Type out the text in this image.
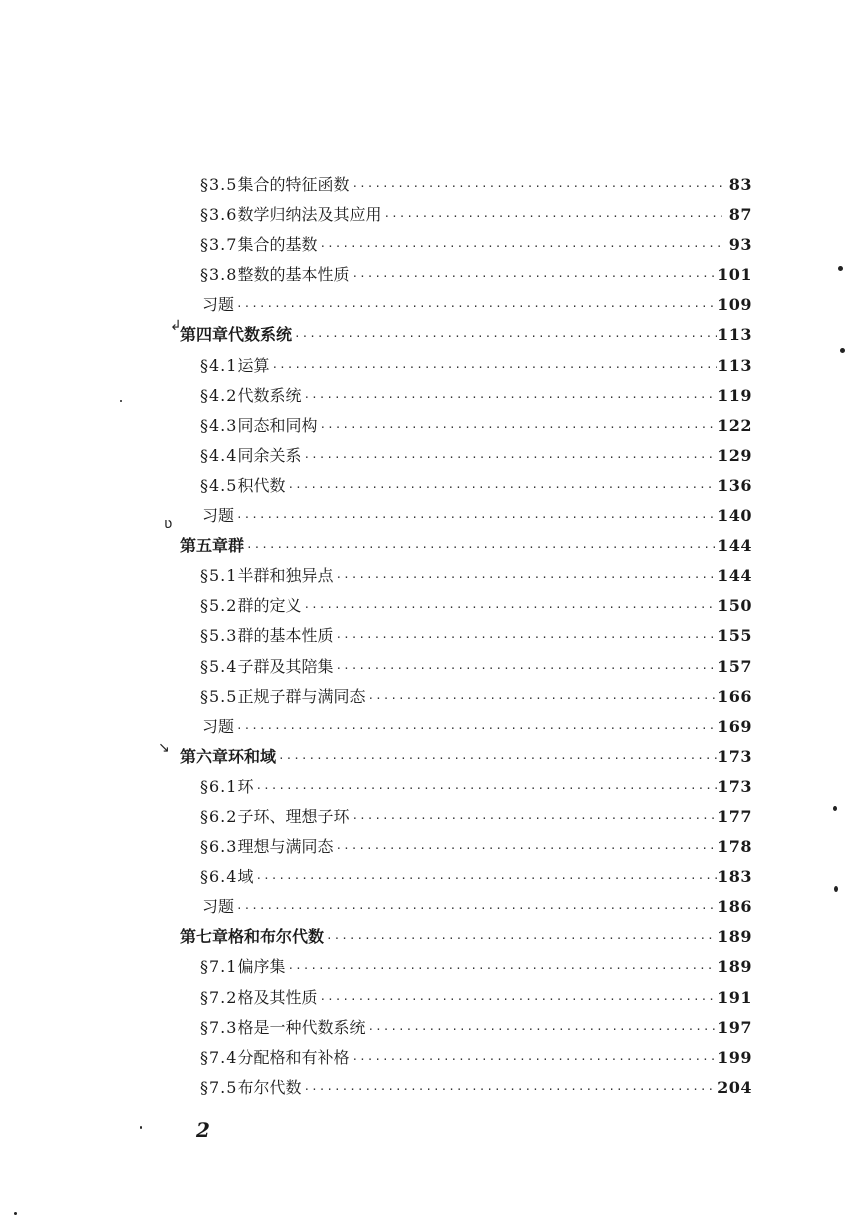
§3.5 集合的特征函数 ·····	83
§3.6 数学归纳法及其应用 ·····	87
§3.7 集合的基数 ·····	93
§3.8 整数的基本性质 ·····	101
习题 ·····	109
第四章 代数系统 ·····	113
§4.1 运算 ·····	113
§4.2 代数系统 ·····	119
§4.3 同态和同构 ·····	122
§4.4 同余关系 ·····	129
§4.5 积代数 ·····	136
习题 ·····	140
第五章 群 ·····	144
§5.1 半群和独异点 ·····	144
§5.2 群的定义 ·····	150
§5.3 群的基本性质 ·····	155
§5.4 子群及其陪集 ·····	157
§5.5 正规子群与满同态 ·····	166
习题 ·····	169
第六章 环和域 ·····	173
§6.1 环 ·····	173
§6.2 子环、理想子环 ·····	177
§6.3 理想与满同态 ·····	178
§6.4 域 ·····	183
习题 ·····	186
第七章 格和布尔代数 ·····	189
§7.1 偏序集 ·····	189
§7.2 格及其性质 ·····	191
§7.3 格是一种代数系统 ·····	197
§7.4 分配格和有补格 ·····	199
§7.5 布尔代数 ·····	204
2
↲
ʋ
↘
